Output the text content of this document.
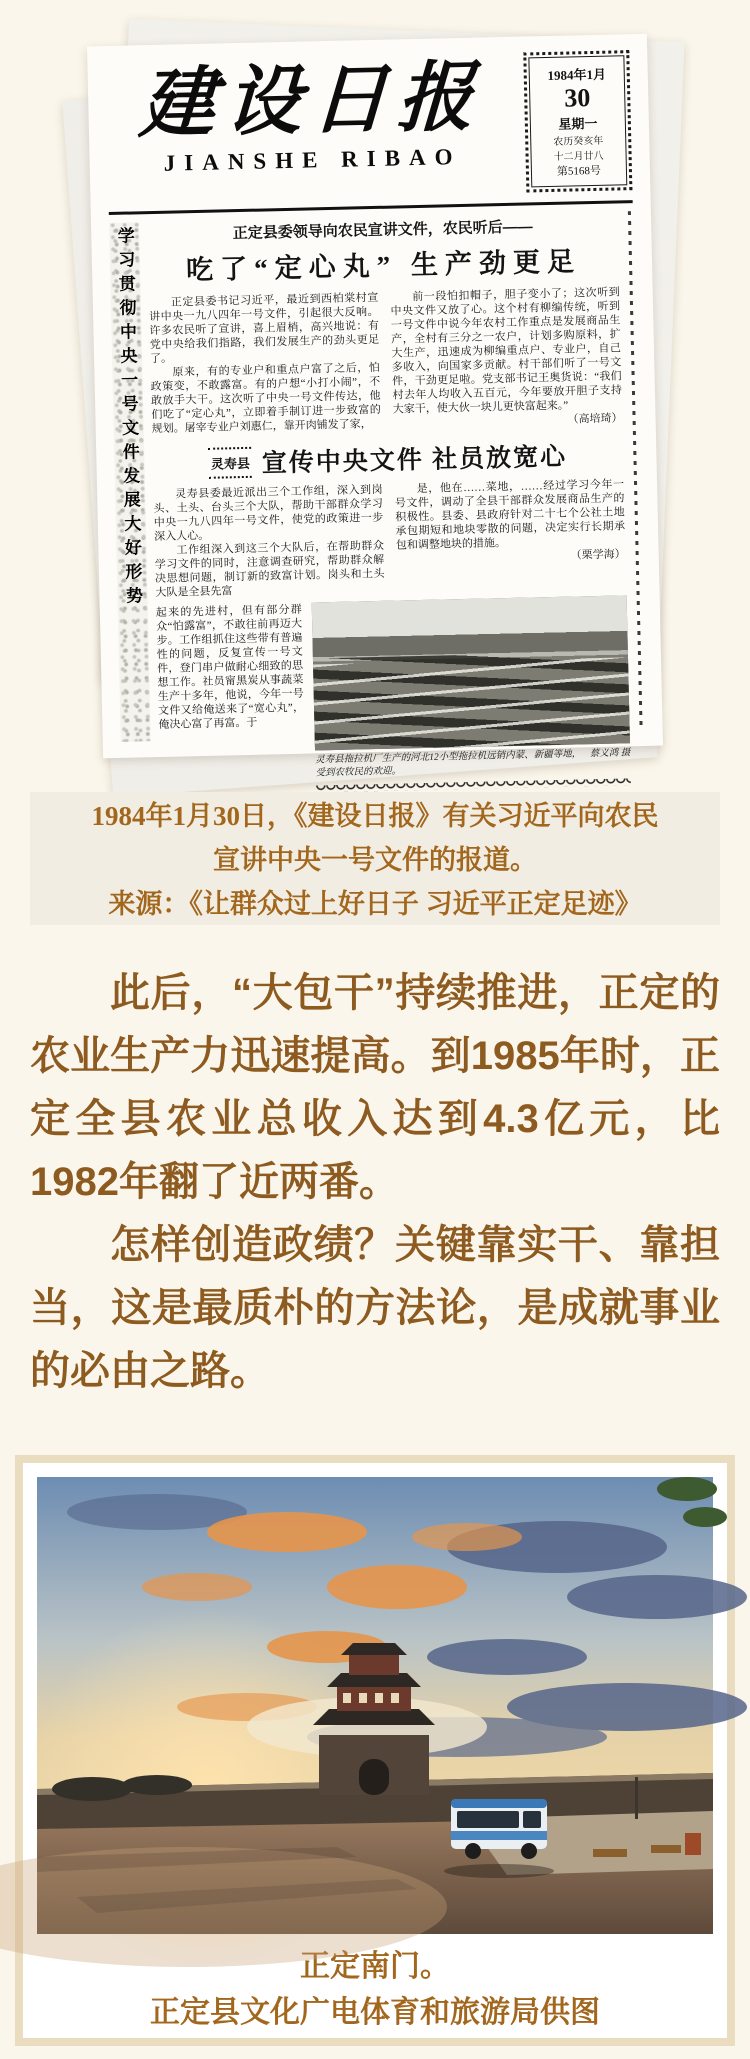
建设日报
JIANSHE RIBAO
1984年1月
30
星期一
农历癸亥年
十二月廿八
第5168号
学习贯彻中央一号文件发展大好形势	正定县委领导向农民宣讲文件，农民听后——
吃了“定心丸” 生产劲更足

正定县委书记习近平，最近到西柏棠村宣讲中央一九八四年一号文件，引起很大反响。许多农民听了宣讲，喜上眉梢，高兴地说：有党中央给我们指路，我们发展生产的劲头更足了。

原来，有的专业户和重点户富了之后，怕政策变，不敢露富。有的户想“小打小闹”，不敢放手大干。这次听了中央一号文件传达，他们吃了“定心丸”，立即着手制订进一步致富的规划。屠宰专业户刘惠仁，靠开肉铺发了家，

前一段怕扣帽子，胆子变小了；这次听到中央文件又放了心。这个村有柳编传统，听到一号文件中说今年农村工作重点是发展商品生产，全村有三分之一农户，计划多购原料，扩大生产，迅速成为柳编重点户、专业户，自己多收入，向国家多贡献。村干部们听了一号文件，干劲更足啦。党支部书记王奥货说：“我们村去年人均收入五百元，今年要放开胆子支持大家干，使大伙一块儿更快富起来。”

（高培琦）

灵寿县 宣传中央文件 社员放宽心

灵寿县委最近派出三个工作组，深入到岗头、土头、台头三个大队，帮助干部群众学习中央一九八四年一号文件，使党的政策进一步深入人心。

工作组深入到这三个大队后，在帮助群众学习文件的同时，注意调查研究，帮助群众解决思想问题，制订新的致富计划。岗头和土头大队是全县先富

是，他在……菜地，……经过学习今年一号文件，调动了全县干部群众发展商品生产的积极性。县委、县政府针对二十七个公社土地承包期短和地块零散的问题，决定实行长期承包和调整地块的措施。

（栗学海）

起来的先进村，但有部分群众“怕露富”，不敢往前再迈大步。工作组抓住这些带有普遍性的问题，反复宣传一号文件，登门串户做耐心细致的思想工作。社员甯黑炭从事蔬菜生产十多年，他说，今年一号文件又给俺送来了“宽心丸”，俺决心富了再富。于
灵寿县拖拉机厂生产的河北12小型拖拉机远销内蒙、新疆等地，受到农牧民的欢迎。
蔡义鸿 摄
1984年1月30日，《建设日报》有关习近平向农民
宣讲中央一号文件的报道。
来源：《让群众过上好日子 习近平正定足迹》

此后，“大包干”持续推进，正定的农业生产力迅速提高。到1985年时，正定全县农业总收入达到4.3亿元，比1982年翻了近两番。

怎样创造政绩？关键靠实干、靠担当，这是最质朴的方法论，是成就事业的必由之路。

正定南门。
正定县文化广电体育和旅游局供图
